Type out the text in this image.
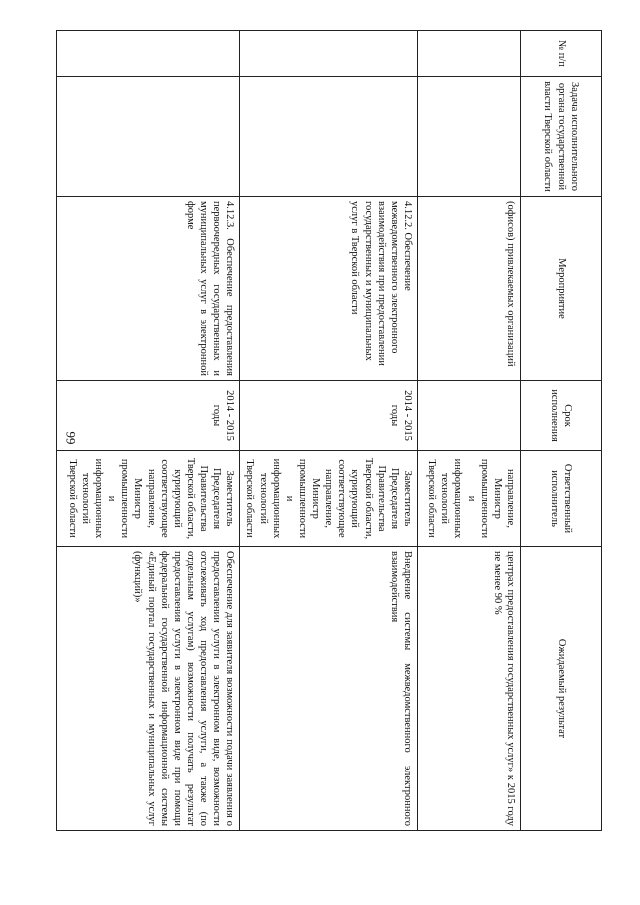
66
№ п/п	Задача исполнительного органа государственной власти Тверской области	Мероприятие	Срок исполнения	Ответственный исполнитель	Ожидаемый результат
		(офисов) привлекаемых организаций		направление, Министр промышленности и информационных технологий Тверской области	центрах предоставления государственных услуг» к 2015 году не менее 90 %
		4.12.2. Обеспечение межведомственного электронного взаимодействия при предоставлении государственных и муниципальных услуг в Тверской области	2014 - 2015 годы	Заместитель Председателя Правительства Тверской области, курирующий соответствующее направление, Министр промышленности и информационных технологий Тверской области	Внедрение системы межведомственного электронного взаимодействия
		4.12.3. Обеспечение предоставления первоочередных государственных и муниципальных услуг в электронной форме	2014 - 2015 годы	Заместитель Председателя Правительства Тверской области, курирующий соответствующее направление, Министр промышленности и информационных технологий Тверской области	Обеспечение для заявителя возможности подачи заявления о предоставлении услуги в электронном виде, возможности отслеживать ход предоставления услуги, а также (по отдельным услугам) возможности получать результат предоставления услуги в электронном виде при помощи федеральной государственной информационной системы «Единый портал государственных и муниципальных услуг (функций)»
